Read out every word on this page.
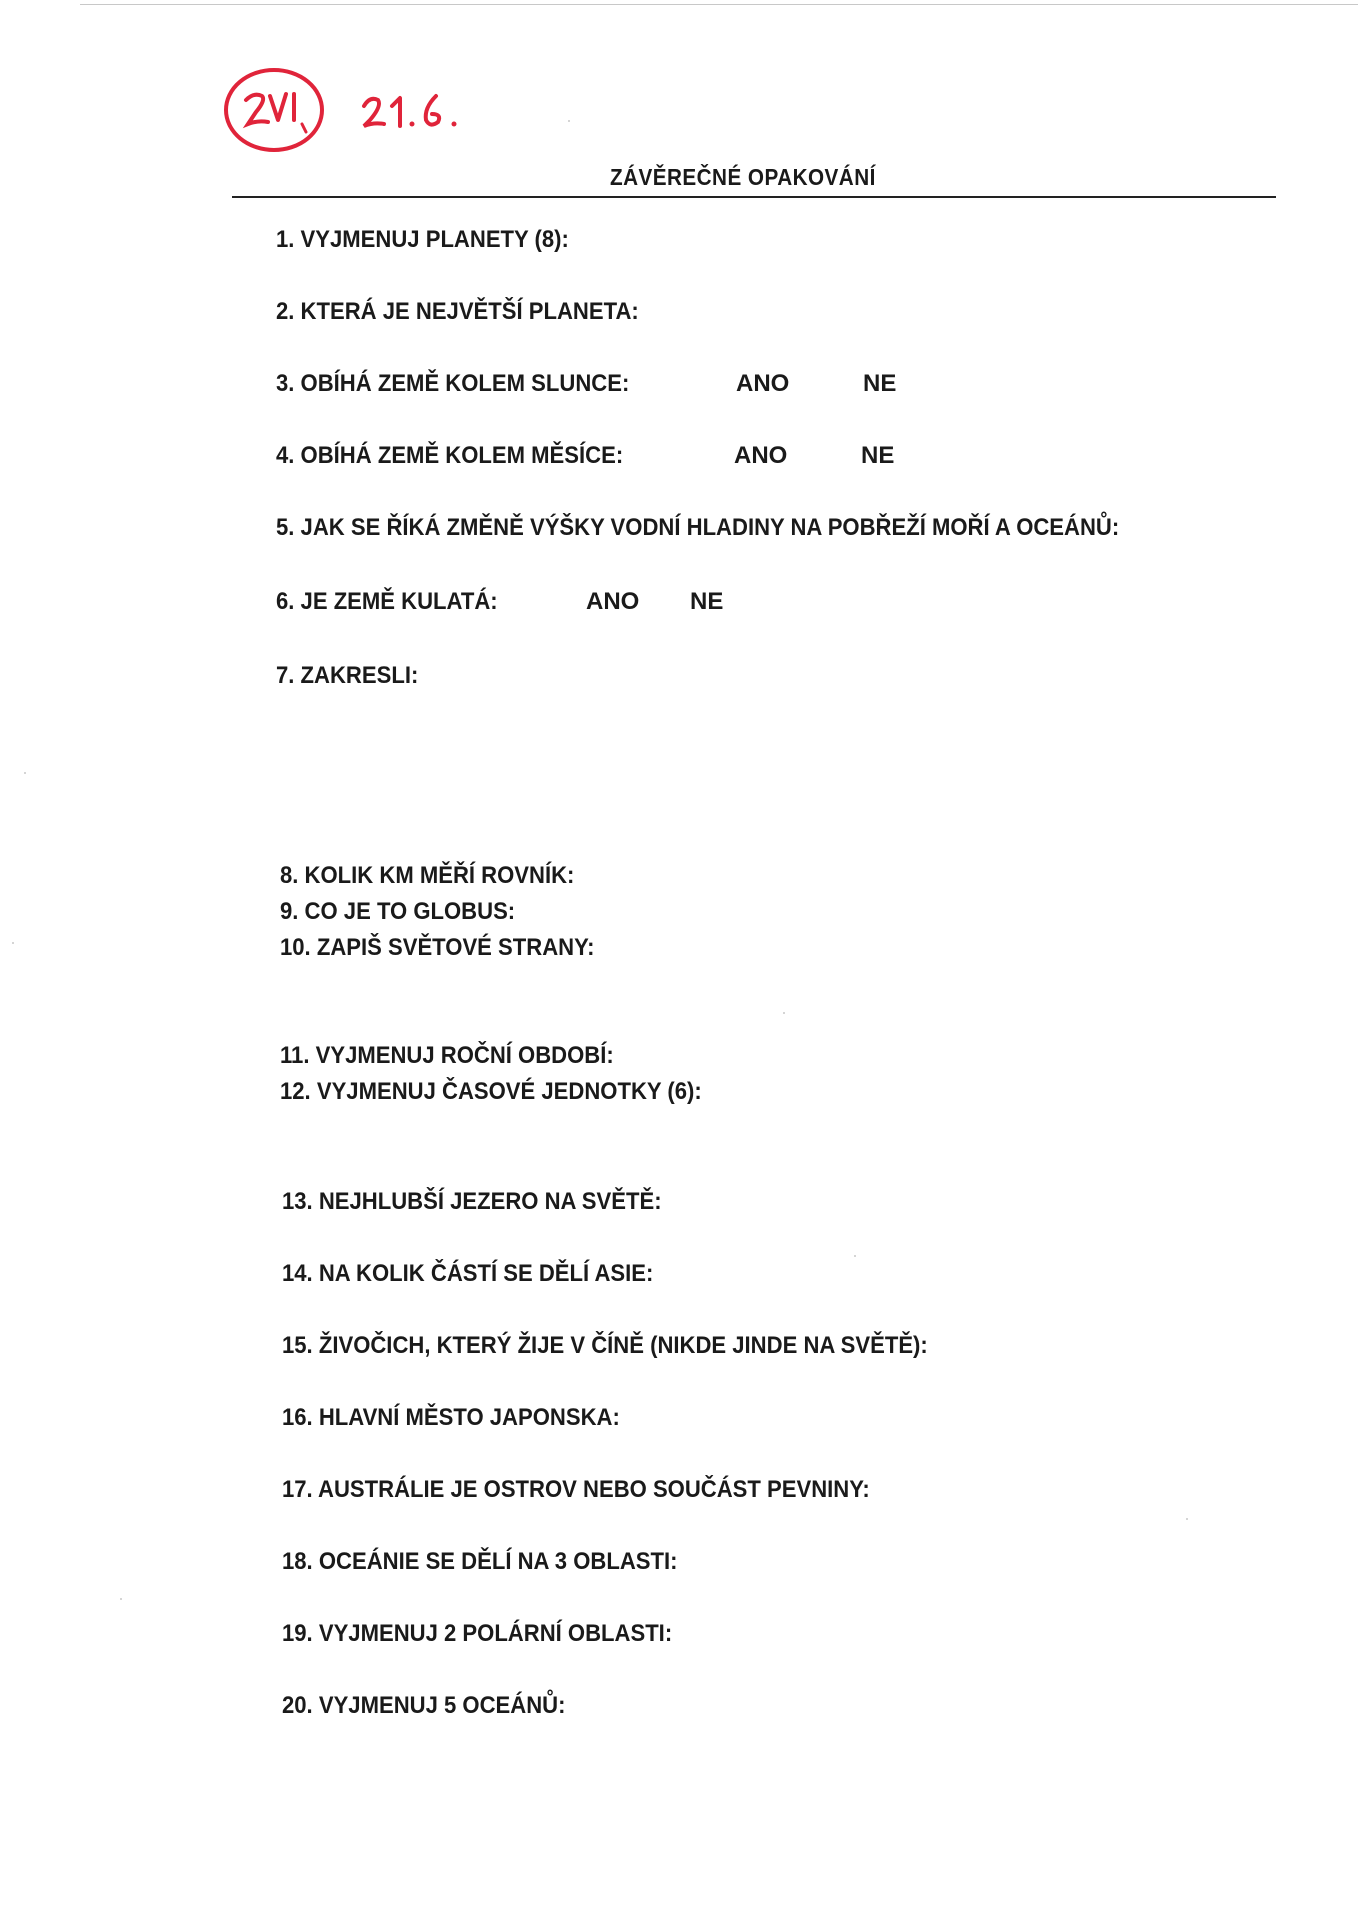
ZÁVĚREČNÉ OPAKOVÁNÍ
1. VYJMENUJ PLANETY (8):
2. KTERÁ JE NEJVĚTŠÍ PLANETA:
3. OBÍHÁ ZEMĚ KOLEM SLUNCE:	ANO	NE
4. OBÍHÁ ZEMĚ KOLEM MĚSÍCE:	ANO	NE
5. JAK SE ŘÍKÁ ZMĚNĚ VÝŠKY VODNÍ HLADINY NA POBŘEŽÍ MOŘÍ A OCEÁNŮ:
6. JE ZEMĚ KULATÁ:	ANO NE
7. ZAKRESLI:
8. KOLIK KM MĚŘÍ ROVNÍK:
9. CO JE TO GLOBUS:
10. ZAPIŠ SVĚTOVÉ STRANY:
11. VYJMENUJ ROČNÍ OBDOBÍ:
12. VYJMENUJ ČASOVÉ JEDNOTKY (6):
13. NEJHLUBŠÍ JEZERO NA SVĚTĚ:
14. NA KOLIK ČÁSTÍ SE DĚLÍ ASIE:
15. ŽIVOČICH, KTERÝ ŽIJE V ČÍNĚ (NIKDE JINDE NA SVĚTĚ):
16. HLAVNÍ MĚSTO JAPONSKA:
17. AUSTRÁLIE JE OSTROV NEBO SOUČÁST PEVNINY:
18. OCEÁNIE SE DĚLÍ NA 3 OBLASTI:
19. VYJMENUJ 2 POLÁRNÍ OBLASTI:
20. VYJMENUJ 5 OCEÁNŮ:
